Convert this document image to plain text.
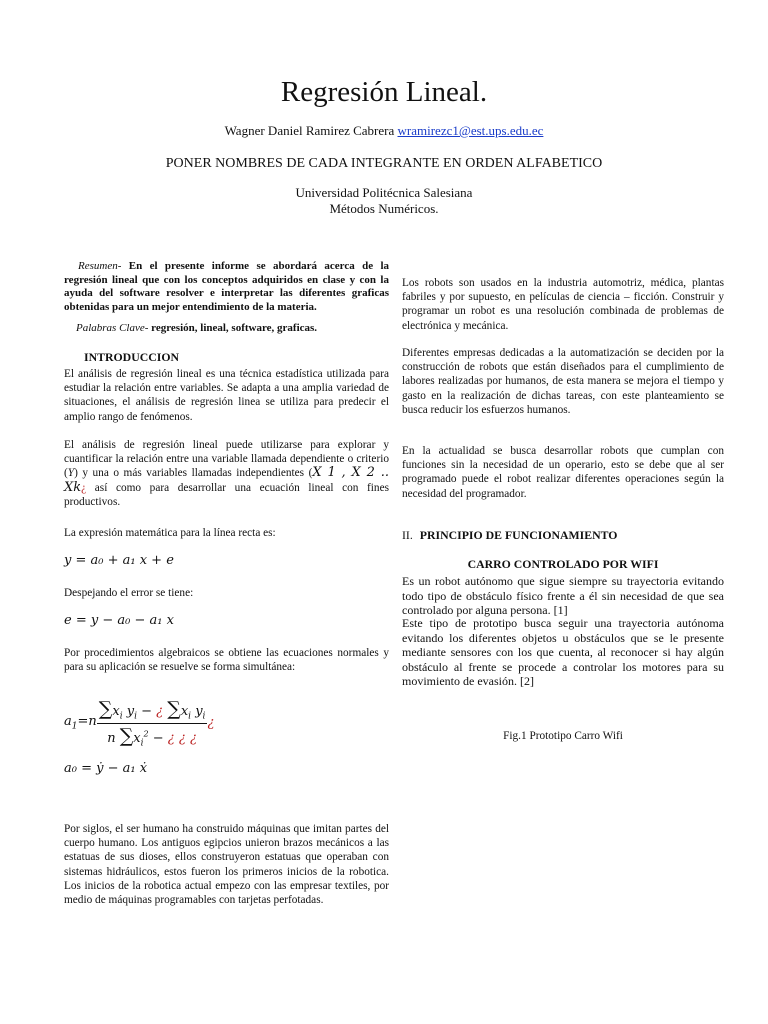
Regresión Lineal.
Wagner Daniel Ramirez Cabrera wramirezc1@est.ups.edu.ec
PONER NOMBRES DE CADA INTEGRANTE EN ORDEN ALFABETICO
Universidad Politécnica Salesiana
Métodos Numéricos.

Resumen- En el presente informe se abordará acerca de la regresión lineal que con los conceptos adquiridos en clase y con la ayuda del software resolver e interpretar las diferentes graficas obtenidas para un mejor entendimiento de la materia.

Palabras Clave- regresión, lineal, software, graficas.

INTRODUCCION
El análisis de regresión lineal es una técnica estadística utilizada para estudiar la relación entre variables. Se adapta a una amplia variedad de situaciones, el análisis de regresión linea se utiliza para predecir el amplio rango de fenómenos.
El análisis de regresión lineal puede utilizarse para explorar y cuantificar la relación entre una variable llamada dependiente o criterio (Y) y una o más variables llamadas independientes (X 1 , X 2 .. Xk¿ así como para desarrollar una ecuación lineal con fines productivos.
La expresión matemática para la línea recta es:
y = a₀ + a₁ x + e
Despejando el error se tiene:
e = y − a₀ − a₁ x
Por procedimientos algebraicos se obtiene las ecuaciones normales y para su aplicación se resuelve se forma simultánea:
$a_1=n \frac{\sum x_i y_i - ¿ \sum x_i y_i}{n \sum x_i^2 - ¿ ¿ ¿}$ ¿
a₀ = ẏ − a₁ ẋ
Por siglos, el ser humano ha construido máquinas que imitan partes del cuerpo humano. Los antiguos egipcios unieron brazos mecánicos a las estatuas de sus dioses, ellos construyeron estatuas que operaban con sistemas hidráulicos, estos fueron los primeros inicios de la robotica. Los inicios de la robotica actual empezo con las empresar textiles, por medio de máquinas programables con tarjetas perfotadas.
Los robots son usados en la industria automotriz, médica, plantas fabriles y por supuesto, en películas de ciencia – ficción. Construir y programar un robot es una resolución combinada de problemas de electrónica y mecánica.
Diferentes empresas dedicadas a la automatización se deciden por la construcción de robots que están diseñados para el cumplimiento de labores realizadas por humanos, de esta manera se mejora el tiempo y gasto en la realización de dichas tareas, con este planteamiento se busca reducir los esfuerzos humanos.
En la actualidad se busca desarrollar robots que cumplan con funciones sin la necesidad de un operario, esto se debe que al ser programado puede el robot realizar diferentes operaciones según la necesidad del programador.
II. PRINCIPIO DE FUNCIONAMIENTO
CARRO CONTROLADO POR WIFI
Es un robot autónomo que sigue siempre su trayectoria evitando todo tipo de obstáculo físico frente a él sin necesidad de que sea controlado por alguna persona. [1]
Este tipo de prototipo busca seguir una trayectoria autónoma evitando los diferentes objetos u obstáculos que se le presente mediante sensores con los que cuenta, al reconocer si hay algún obstáculo al frente se procede a controlar los motores para su movimiento de evasión. [2]
Fig.1 Prototipo Carro Wifi
